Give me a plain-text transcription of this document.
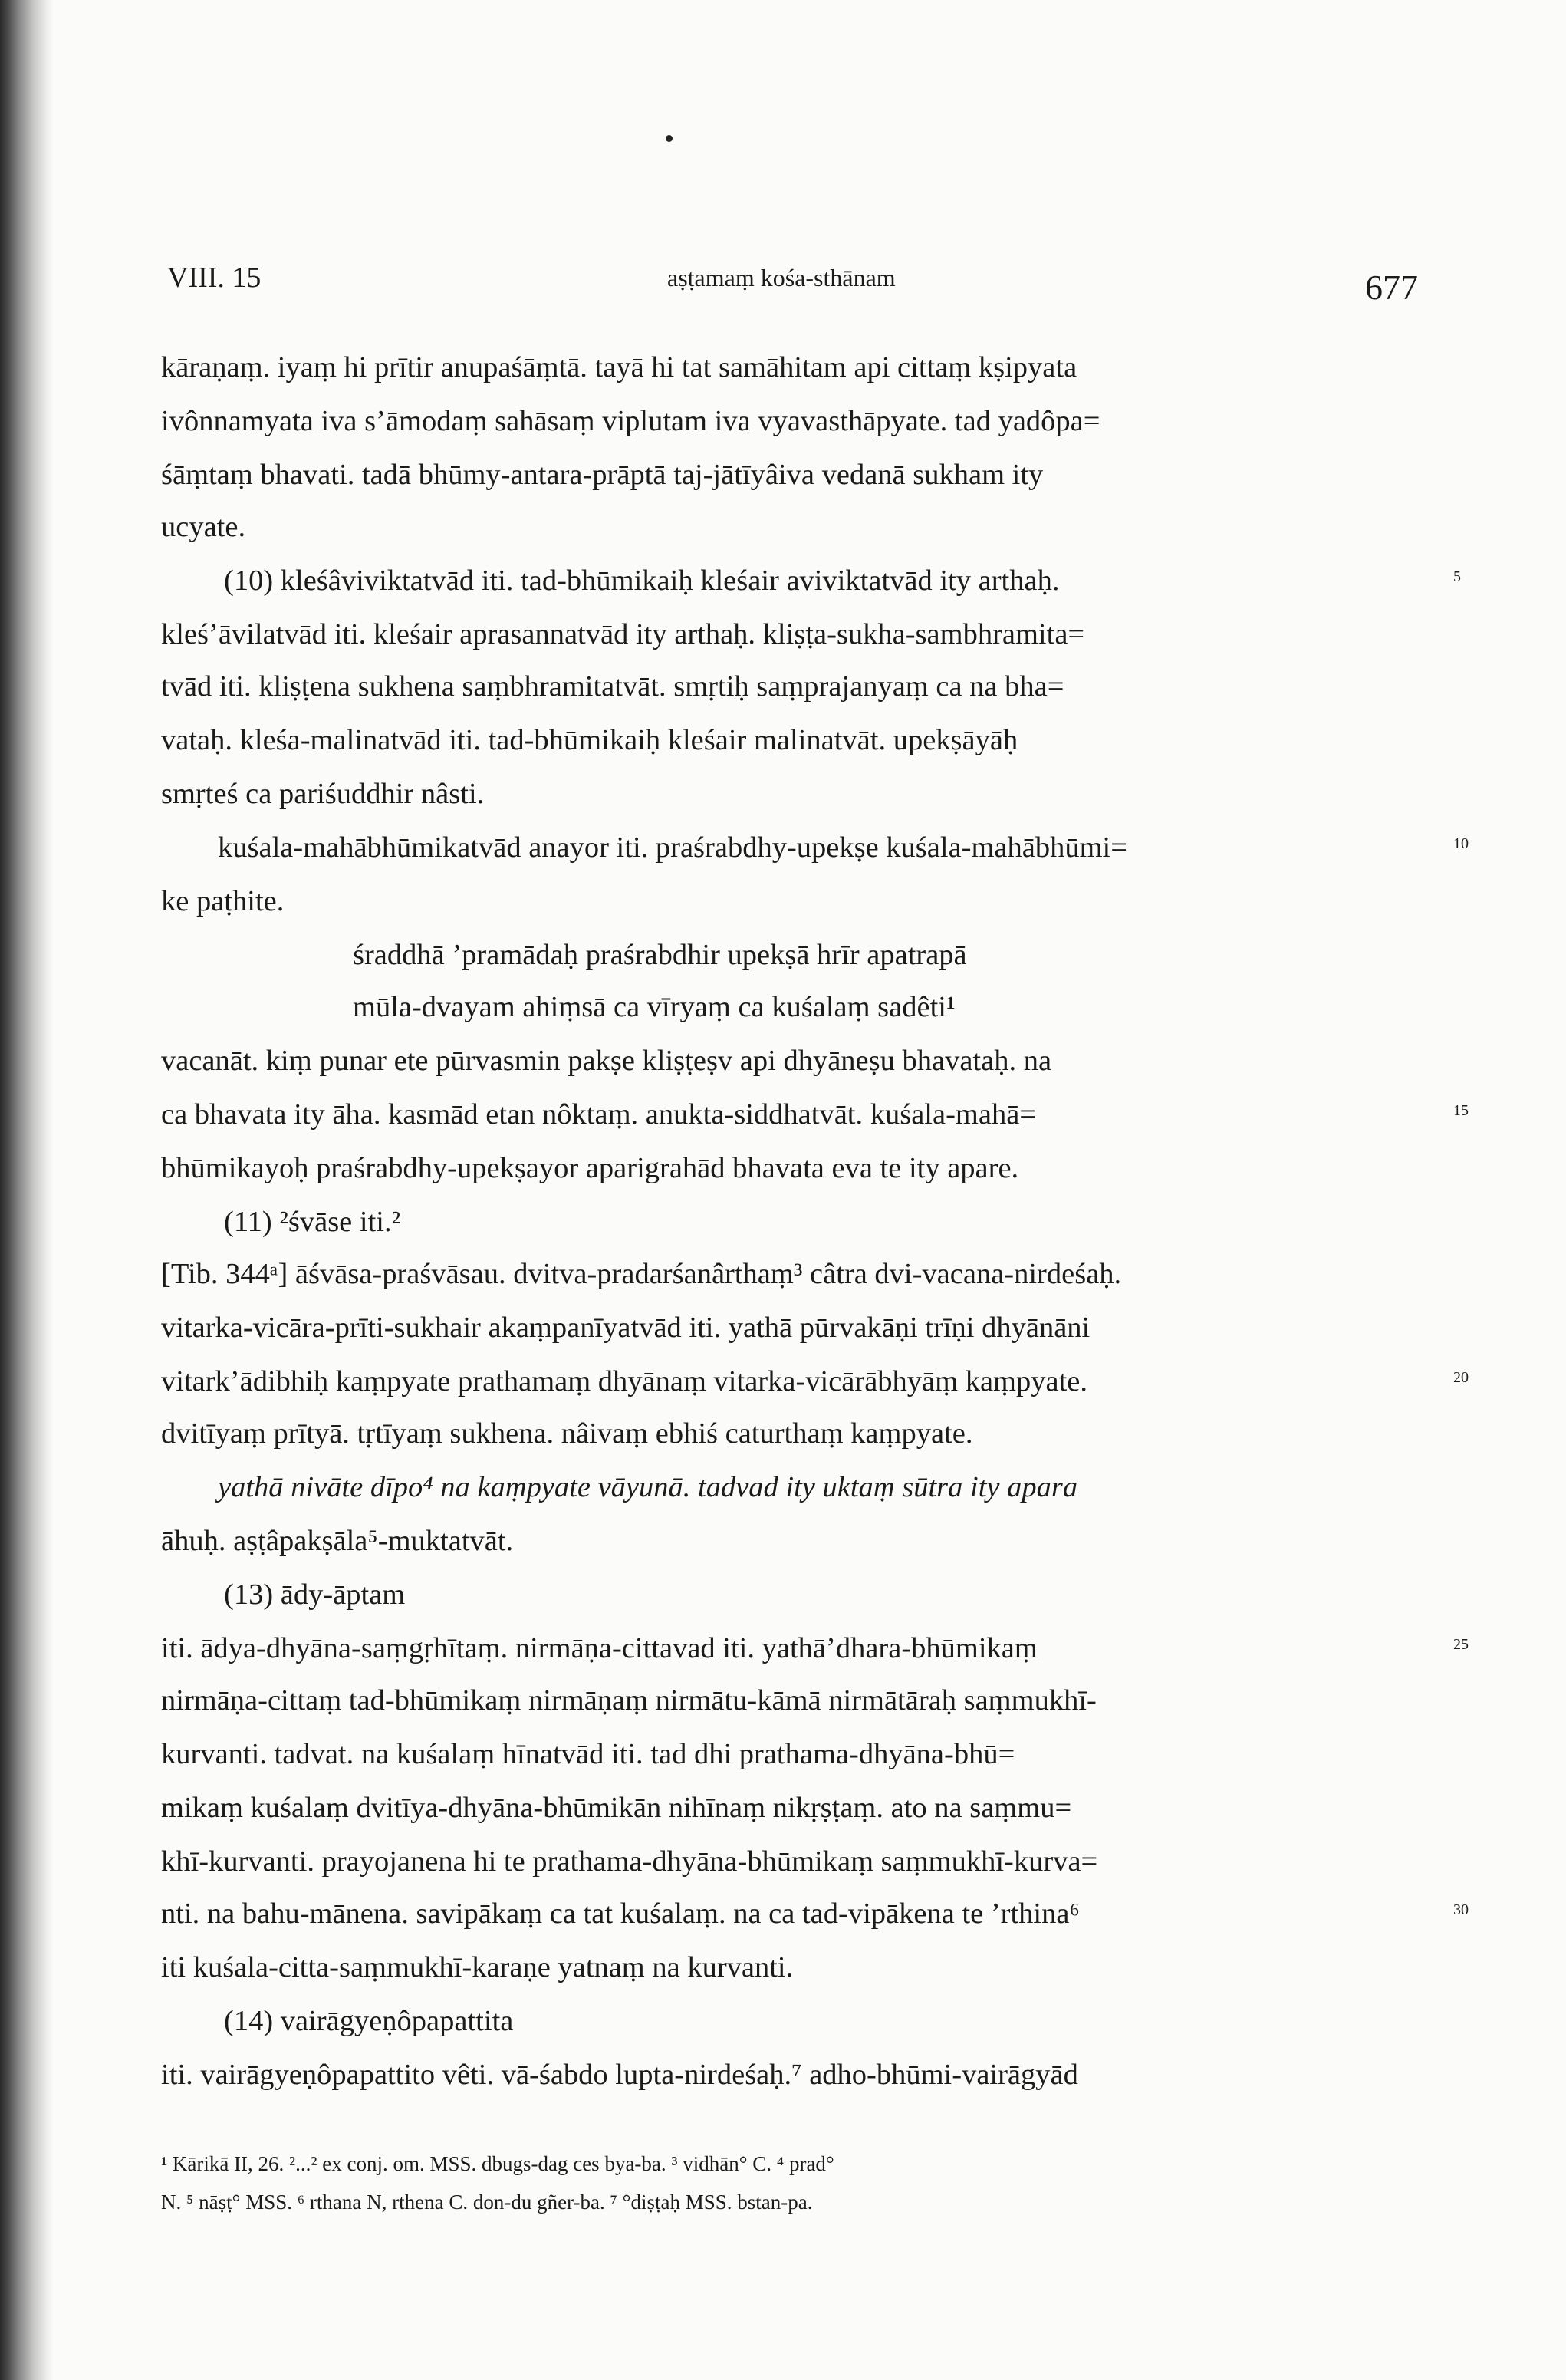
VIII. 15	aṣṭamaṃ kośa-sthānam	677
kāraṇaṃ. iyaṃ hi prītir anupaśāṃtā. tayā hi tat samāhitam api cittaṃ kṣipyata
ivônnamyata iva s’āmodaṃ sahāsaṃ viplutam iva vyavasthāpyate. tad yadôpa=
śāṃtaṃ bhavati. tadā bhūmy-antara-prāptā taj-jātīyâiva vedanā sukham ity
ucyate.
(10) kleśâviviktatvād iti. tad-bhūmikaiḥ kleśair aviviktatvād ity arthaḥ.
kleś’āvilatvād iti. kleśair aprasannatvād ity arthaḥ. kliṣṭa-sukha-sambhramita=
tvād iti. kliṣṭena sukhena saṃbhramitatvāt. smṛtiḥ saṃprajanyaṃ ca na bha=
vataḥ. kleśa-malinatvād iti. tad-bhūmikaiḥ kleśair malinatvāt. upekṣāyāḥ
smṛteś ca pariśuddhir nâsti.
kuśala-mahābhūmikatvād anayor iti. praśrabdhy-upekṣe kuśala-mahābhūmi=
ke paṭhite.
śraddhā ’pramādaḥ praśrabdhir upekṣā hrīr apatrapā
mūla-dvayam ahiṃsā ca vīryaṃ ca kuśalaṃ sadêti¹
vacanāt. kiṃ punar ete pūrvasmin pakṣe kliṣṭeṣv api dhyāneṣu bhavataḥ. na
ca bhavata ity āha. kasmād etan nôktaṃ. anukta-siddhatvāt. kuśala-mahā=
bhūmikayoḥ praśrabdhy-upekṣayor aparigrahād bhavata eva te ity apare.
(11) ²śvāse iti.²
[Tib. 344ᵃ] āśvāsa-praśvāsau. dvitva-pradarśanârthaṃ³ câtra dvi-vacana-nirdeśaḥ.
vitarka-vicāra-prīti-sukhair akaṃpanīyatvād iti. yathā pūrvakāṇi trīṇi dhyānāni
vitark’ādibhiḥ kaṃpyate prathamaṃ dhyānaṃ vitarka-vicārābhyāṃ kaṃpyate.
dvitīyaṃ prītyā. tṛtīyaṃ sukhena. nâivaṃ ebhiś caturthaṃ kaṃpyate.
yathā nivāte dīpo⁴ na kaṃpyate vāyunā. tadvad ity uktaṃ sūtra ity apara
āhuḥ. aṣṭâpakṣāla⁵-muktatvāt.
(13) ādy-āptam
iti. ādya-dhyāna-saṃgṛhītaṃ. nirmāṇa-cittavad iti. yathā’dhara-bhūmikaṃ
nirmāṇa-cittaṃ tad-bhūmikaṃ nirmāṇaṃ nirmātu-kāmā nirmātāraḥ saṃmukhī-
kurvanti. tadvat. na kuśalaṃ hīnatvād iti. tad dhi prathama-dhyāna-bhū=
mikaṃ kuśalaṃ dvitīya-dhyāna-bhūmikān nihīnaṃ nikṛṣṭaṃ. ato na saṃmu=
khī-kurvanti. prayojanena hi te prathama-dhyāna-bhūmikaṃ saṃmukhī-kurva=
nti. na bahu-mānena. savipākaṃ ca tat kuśalaṃ. na ca tad-vipākena te ’rthina⁶
iti kuśala-citta-saṃmukhī-karaṇe yatnaṃ na kurvanti.
(14) vairāgyeṇôpapattita
iti. vairāgyeṇôpapattito vêti. vā-śabdo lupta-nirdeśaḥ.⁷ adho-bhūmi-vairāgyād
5
10
15
20
25
30
¹ Kārikā II, 26. ²...² ex conj. om. MSS. dbugs-dag ces bya-ba. ³ vidhān° C. ⁴ prad°
N. ⁵ nāṣṭ° MSS. ⁶ rthana N, rthena C. don-du gñer-ba. ⁷ °diṣṭaḥ MSS. bstan-pa.
